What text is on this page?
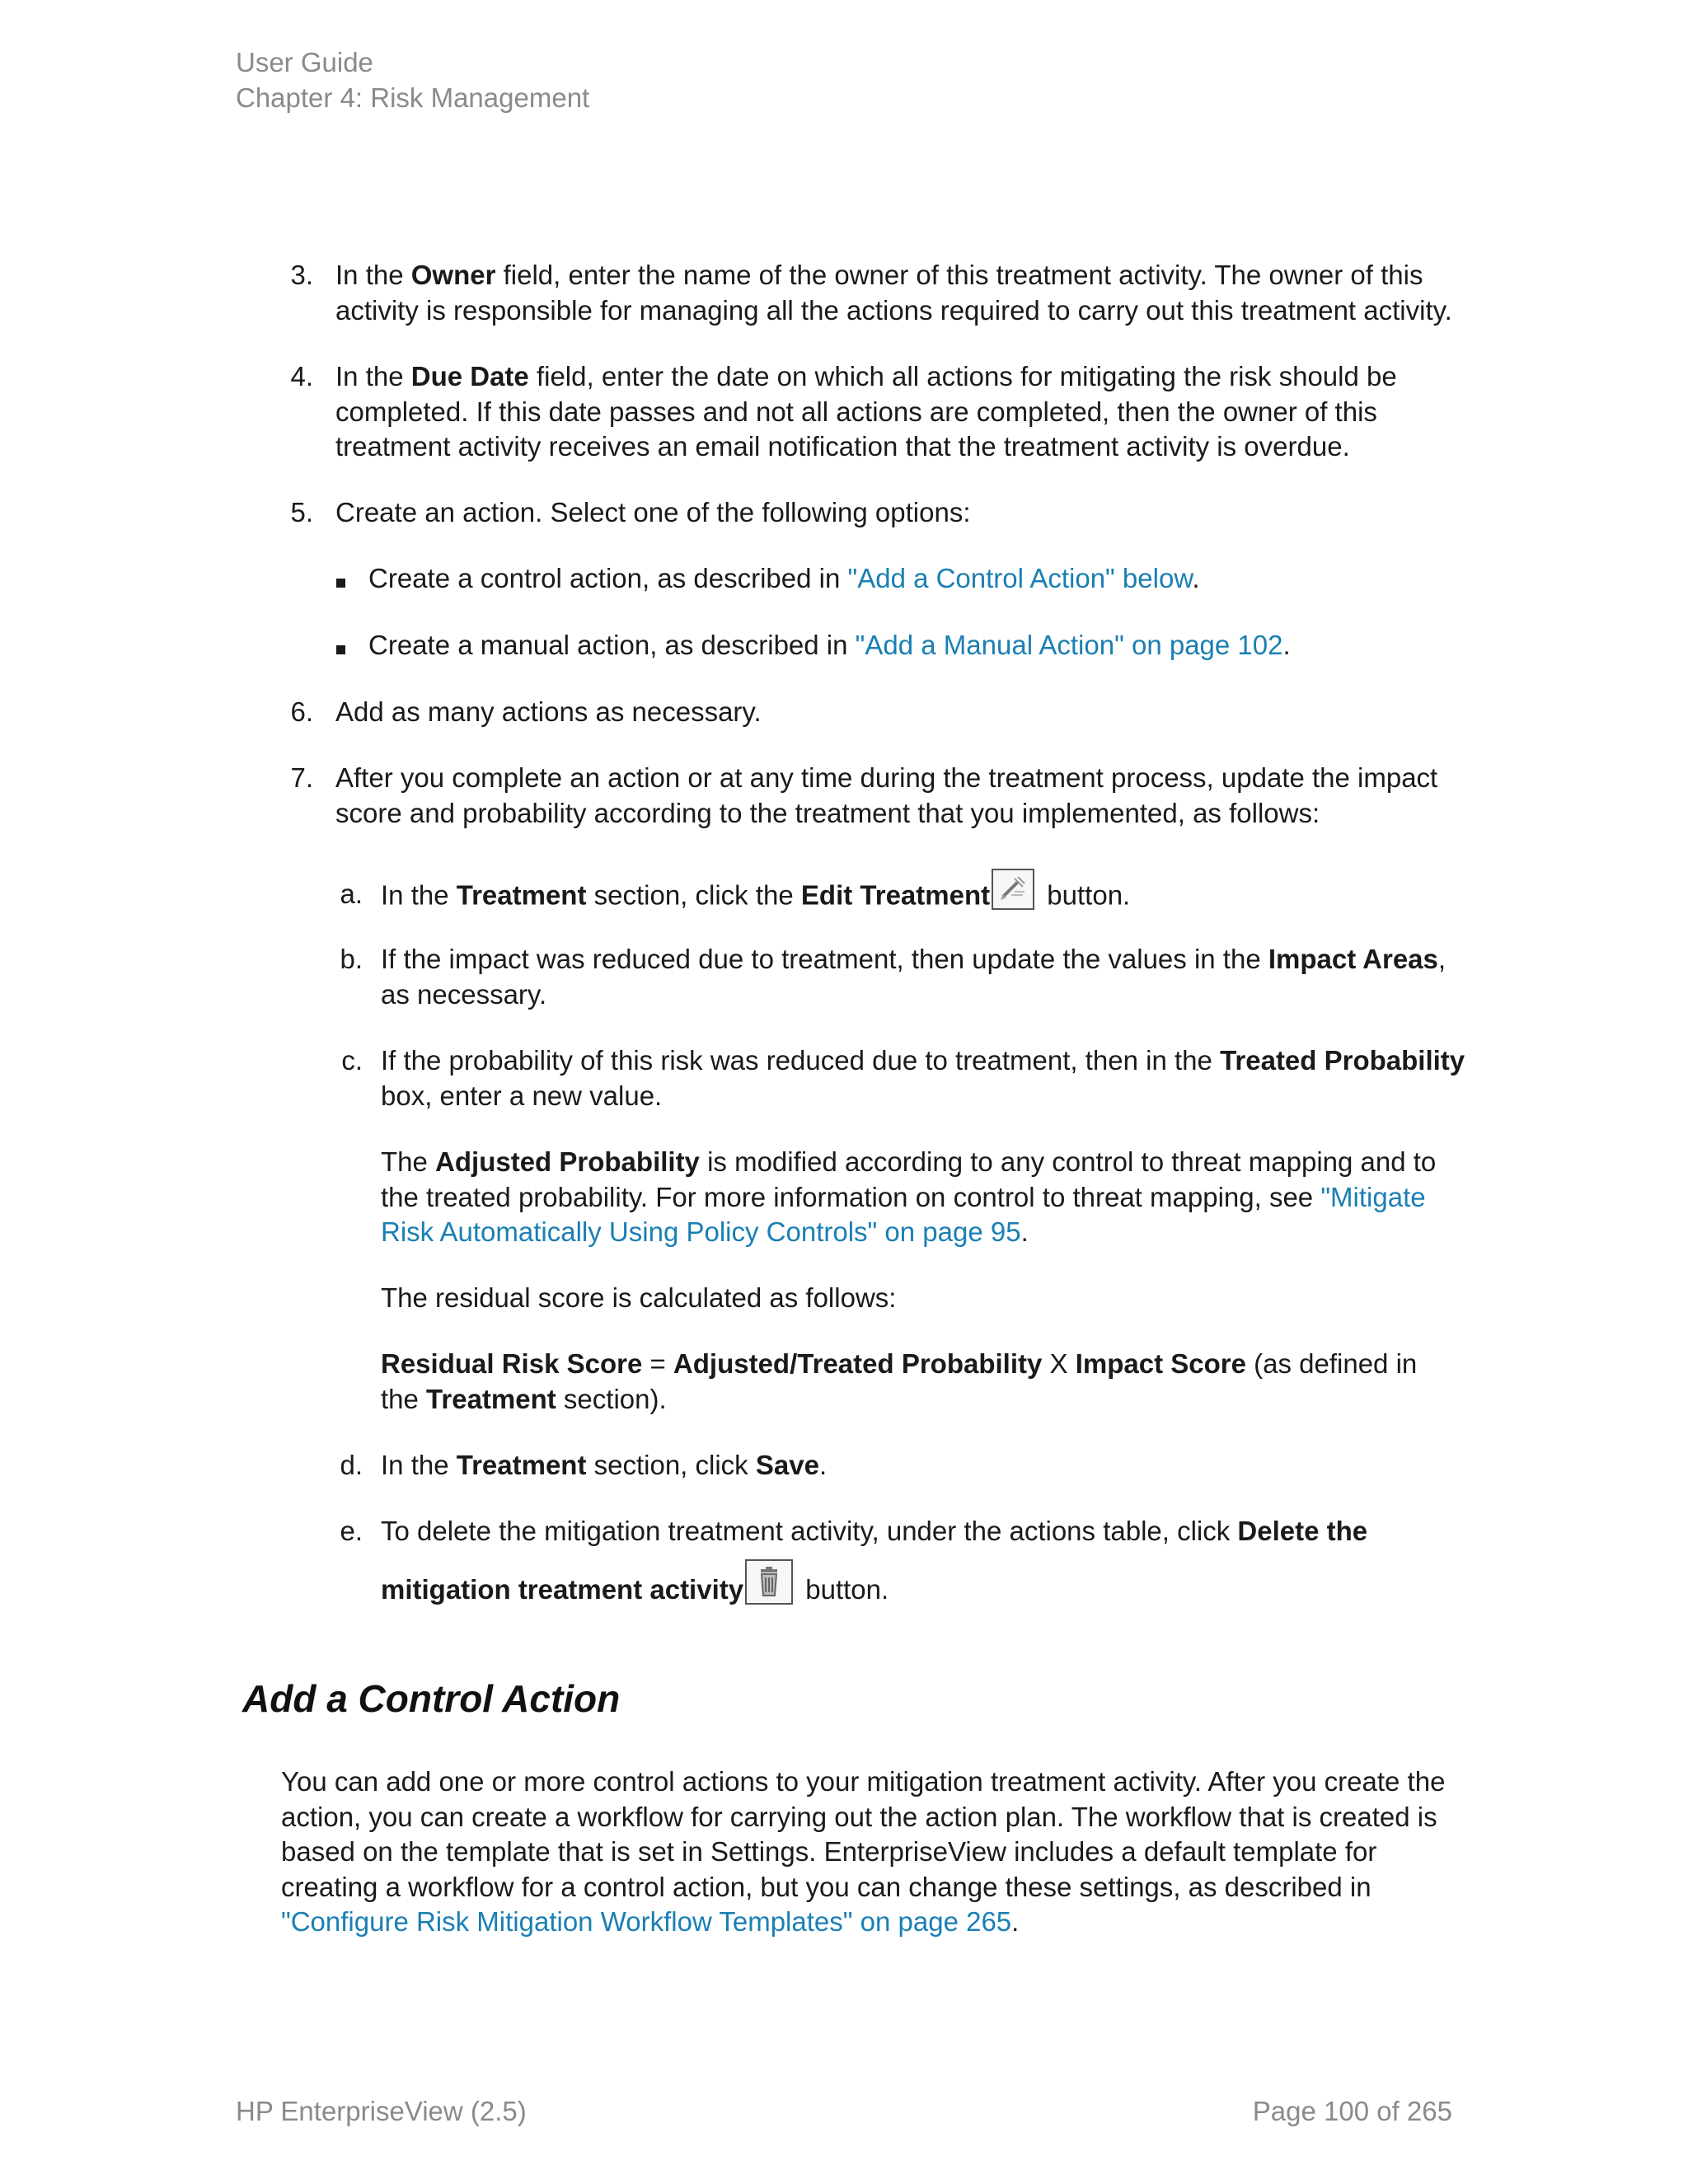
User Guide
Chapter 4: Risk Management
3. In the Owner field, enter the name of the owner of this treatment activity. The owner of this
activity is responsible for managing all the actions required to carry out this treatment activity.
4. In the Due Date field, enter the date on which all actions for mitigating the risk should be
completed. If this date passes and not all actions are completed, then the owner of this
treatment activity receives an email notification that the treatment activity is overdue.
5. Create an action. Select one of the following options:
Create a control action, as described in "Add a Control Action" below.
Create a manual action, as described in "Add a Manual Action" on page 102.
6. Add as many actions as necessary.
7. After you complete an action or at any time during the treatment process, update the impact
score and probability according to the treatment that you implemented, as follows:
a. In the Treatment section, click the Edit Treatment
button.
b. If the impact was reduced due to treatment, then update the values in the Impact Areas,
as necessary.
c. If the probability of this risk was reduced due to treatment, then in the Treated Probability
box, enter a new value.
The Adjusted Probability is modified according to any control to threat mapping and to
the treated probability. For more information on control to threat mapping, see "Mitigate
Risk Automatically Using Policy Controls" on page 95.
The residual score is calculated as follows:
Residual Risk Score = Adjusted/Treated Probability X Impact Score (as defined in
the Treatment section).
d. In the Treatment section, click Save.
e. To delete the mitigation treatment activity, under the actions table, click Delete the
mitigation treatment activity
button.
Add a Control Action
You can add one or more control actions to your mitigation treatment activity. After you create the
action, you can create a workflow for carrying out the action plan. The workflow that is created is
based on the template that is set in Settings. EnterpriseView includes a default template for
creating a workflow for a control action, but you can change these settings, as described in
"Configure Risk Mitigation Workflow Templates" on page 265.
HP EnterpriseView (2.5)	Page 100 of 265
